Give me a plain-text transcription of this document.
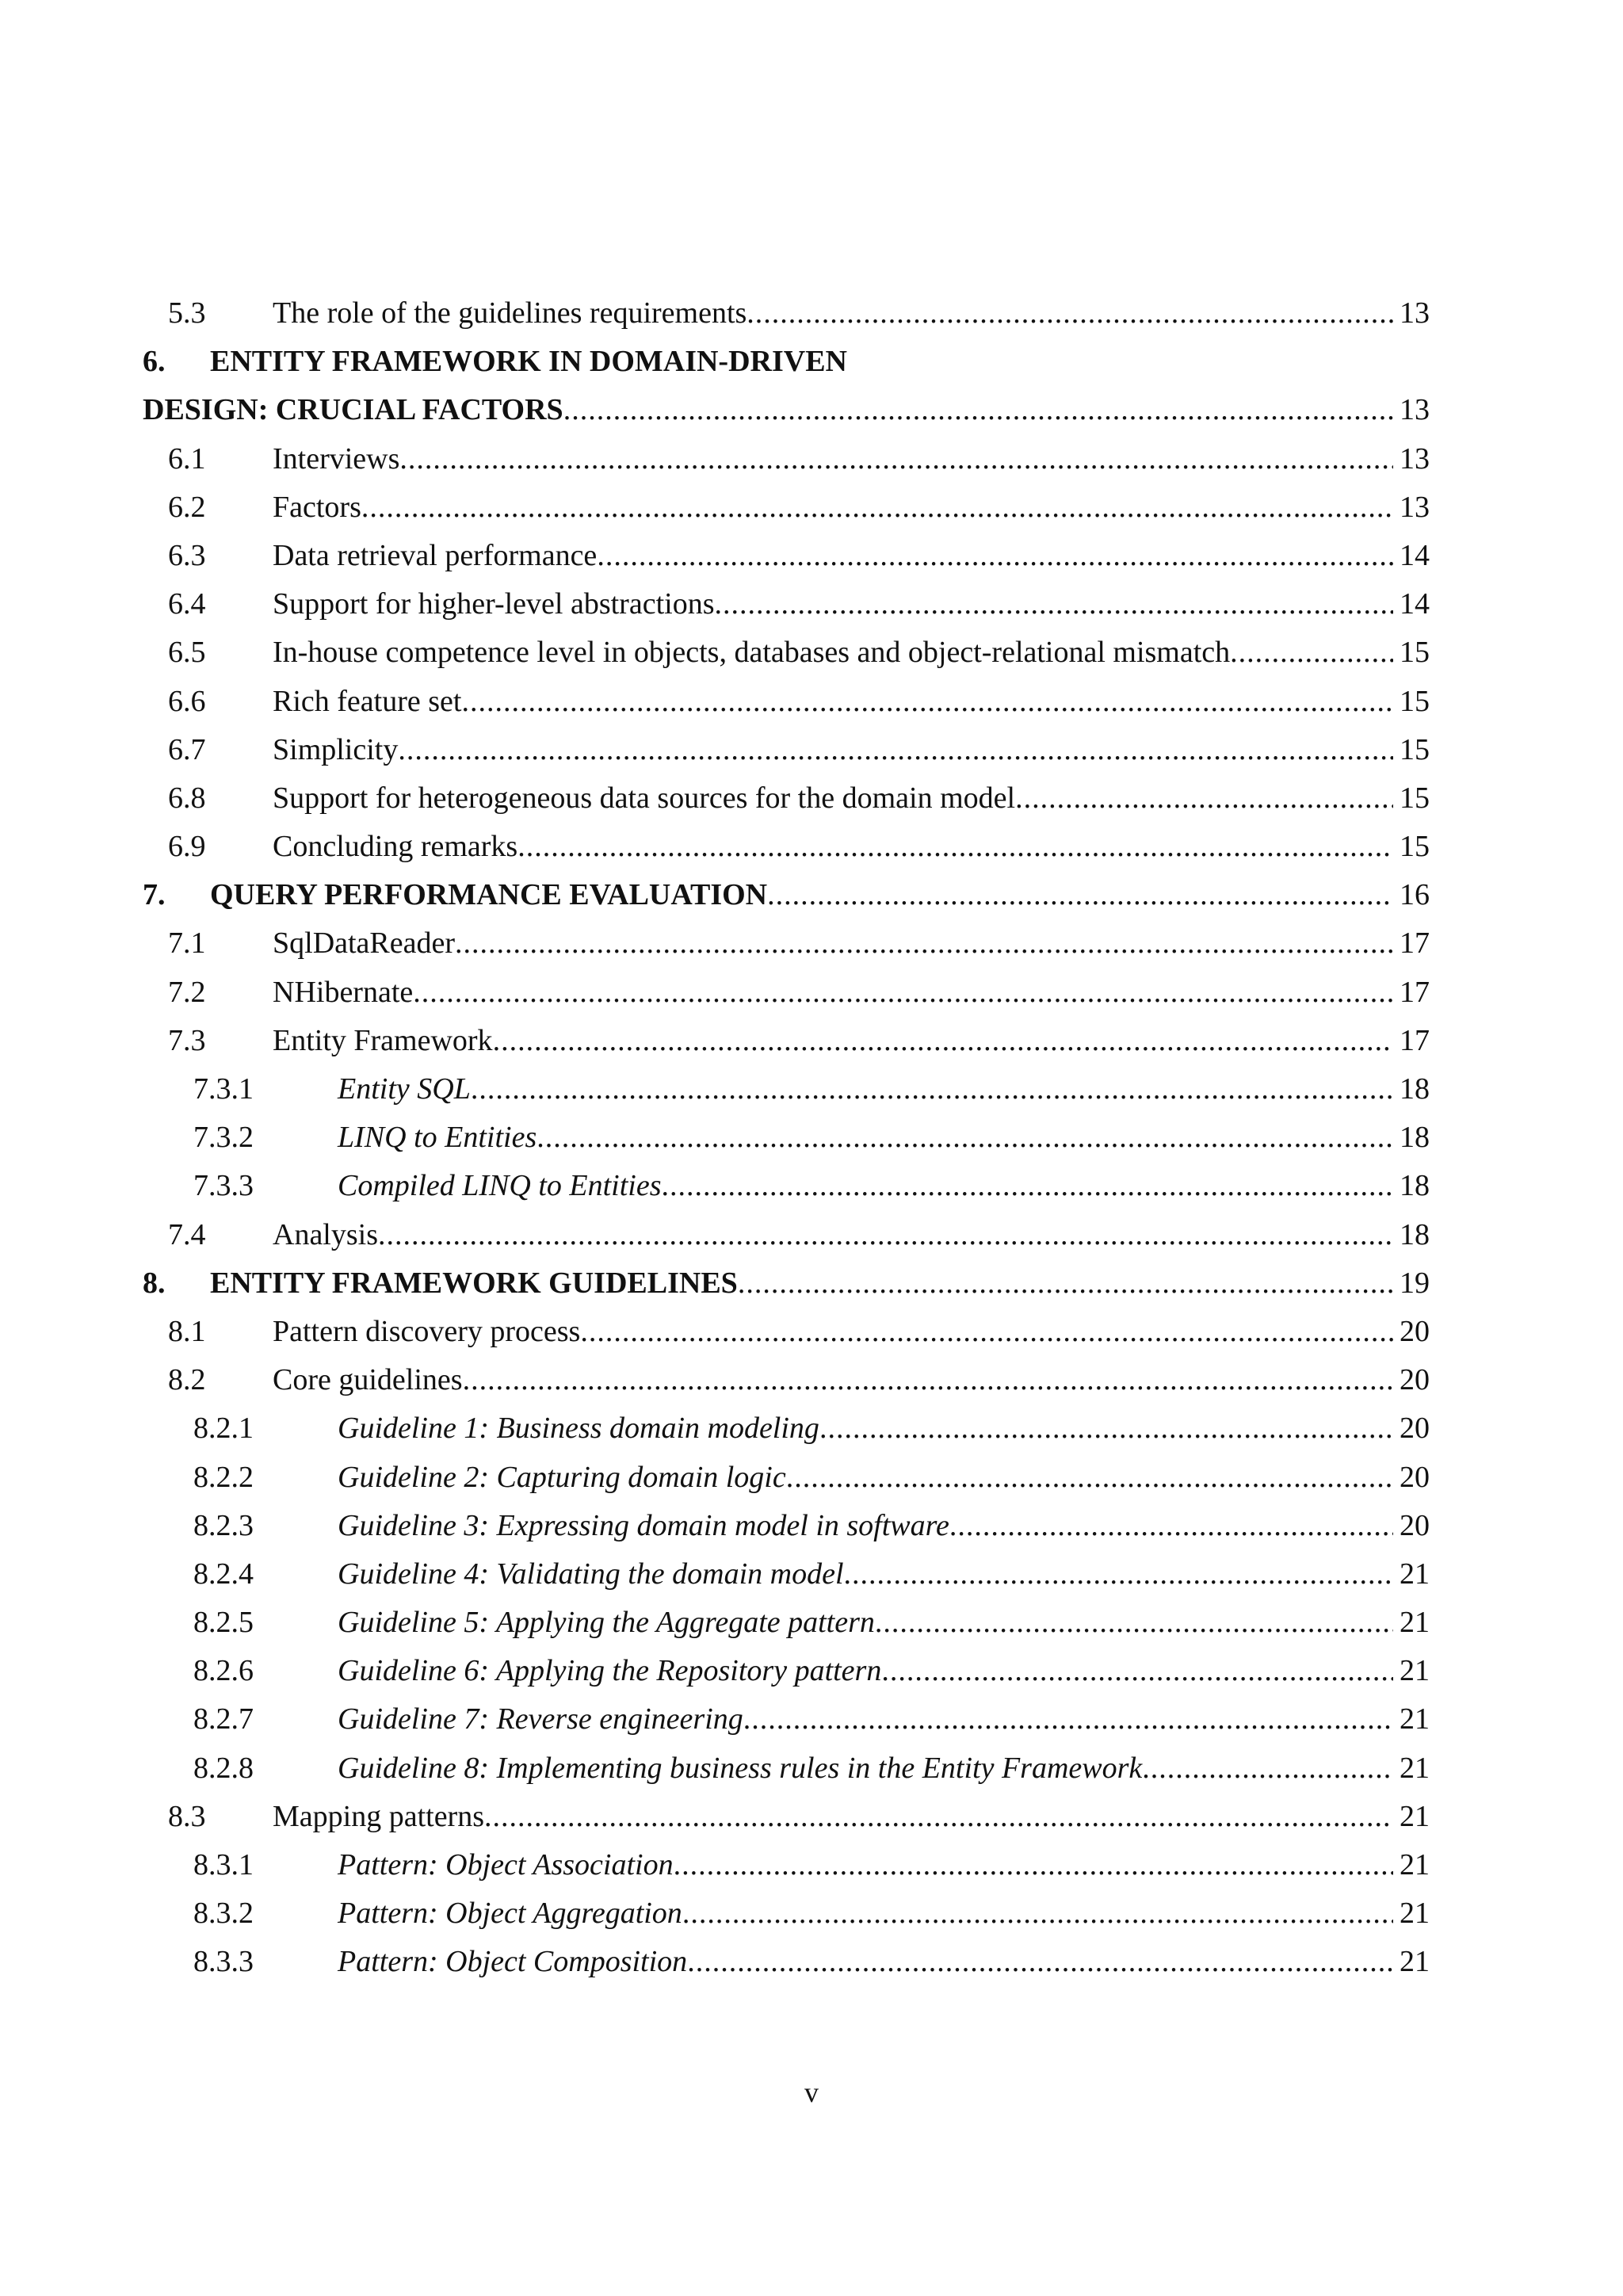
5.3 The role of the guidelines requirements .....	13
6. ENTITY FRAMEWORK IN DOMAIN-DRIVEN
DESIGN: CRUCIAL FACTORS .....	13
6.1 Interviews .....	13
6.2 Factors .....	13
6.3 Data retrieval performance .....	14
6.4 Support for higher-level abstractions .....	14
6.5 In-house competence level in objects, databases and object-relational mismatch .....	15
6.6 Rich feature set .....	15
6.7 Simplicity .....	15
6.8 Support for heterogeneous data sources for the domain model .....	15
6.9 Concluding remarks .....	15
7. QUERY PERFORMANCE EVALUATION .....	16
7.1 SqlDataReader .....	17
7.2 NHibernate .....	17
7.3 Entity Framework .....	17
7.3.1	Entity SQL .....	18
7.3.2	LINQ to Entities .....	18
7.3.3	Compiled LINQ to Entities .....	18
7.4 Analysis .....	18
8. ENTITY FRAMEWORK GUIDELINES .....	19
8.1 Pattern discovery process .....	20
8.2 Core guidelines .....	20
8.2.1	Guideline 1: Business domain modeling .....	20
8.2.2	Guideline 2: Capturing domain logic .....	20
8.2.3	Guideline 3: Expressing domain model in software .....	20
8.2.4	Guideline 4: Validating the domain model .....	21
8.2.5	Guideline 5: Applying the Aggregate pattern .....	21
8.2.6	Guideline 6: Applying the Repository pattern .....	21
8.2.7	Guideline 7: Reverse engineering .....	21
8.2.8	Guideline 8: Implementing business rules in the Entity Framework .....	21
8.3 Mapping patterns .....	21
8.3.1	Pattern: Object Association .....	21
8.3.2	Pattern: Object Aggregation .....	21
8.3.3	Pattern: Object Composition .....	21
v
